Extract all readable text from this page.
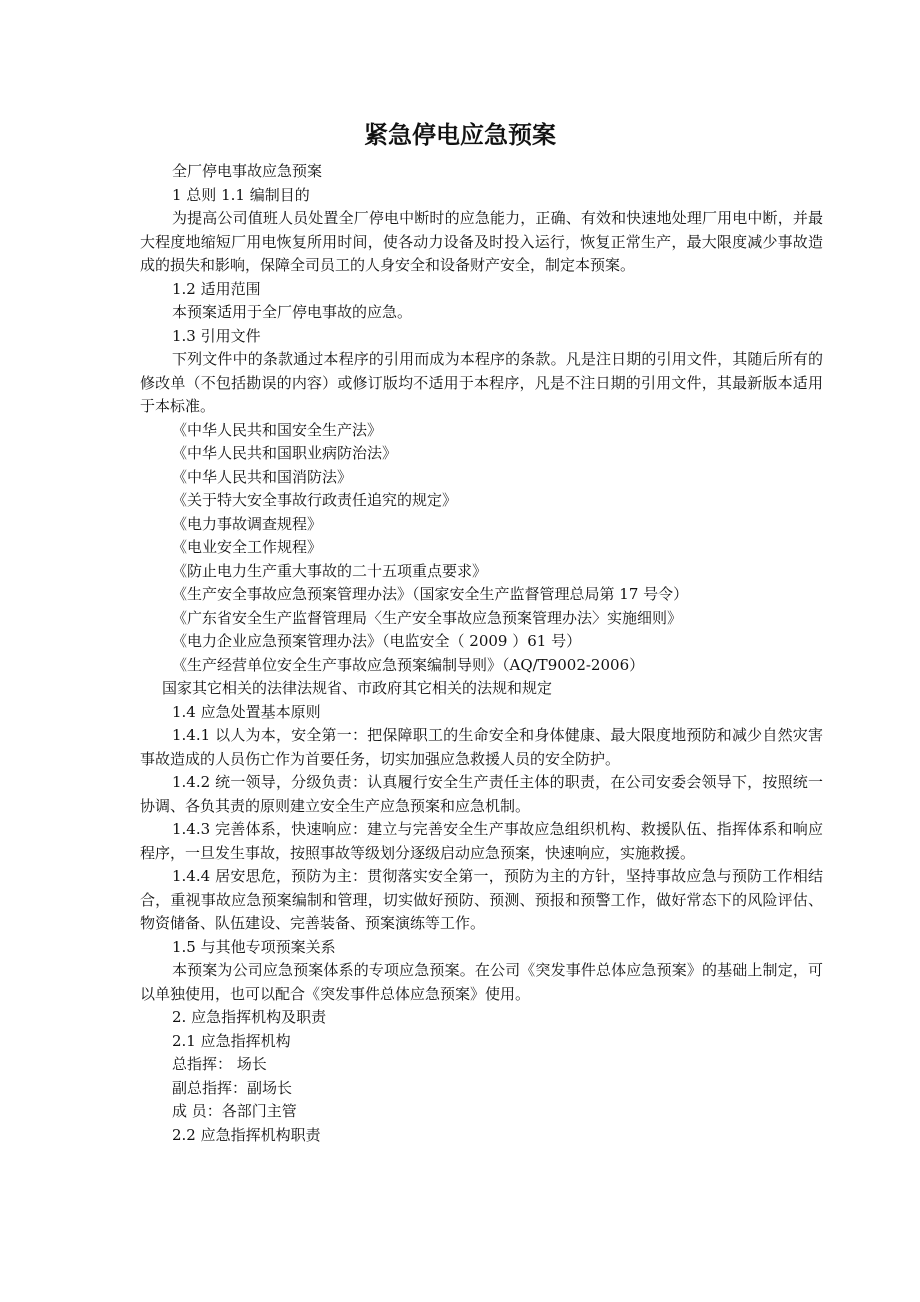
紧急停电应急预案

全厂停电事故应急预案

1 总则 1.1 编制目的

为提高公司值班人员处置全厂停电中断时的应急能力，正确、有效和快速地处理厂用电中断，并最大程度地缩短厂用电恢复所用时间，使各动力设备及时投入运行，恢复正常生产，最大限度减少事故造成的损失和影响，保障全司员工的人身安全和设备财产安全，制定本预案。

1.2 适用范围

本预案适用于全厂停电事故的应急。

1.3 引用文件

下列文件中的条款通过本程序的引用而成为本程序的条款。凡是注日期的引用文件，其随后所有的修改单（不包括勘误的内容）或修订版均不适用于本程序，凡是不注日期的引用文件，其最新版本适用于本标准。

《中华人民共和国安全生产法》

《中华人民共和国职业病防治法》

《中华人民共和国消防法》

《关于特大安全事故行政责任追究的规定》

《电力事故调查规程》

《电业安全工作规程》

《防止电力生产重大事故的二十五项重点要求》

《生产安全事故应急预案管理办法》（国家安全生产监督管理总局第 17 号令）

《广东省安全生产监督管理局〈生产安全事故应急预案管理办法〉实施细则》

《电力企业应急预案管理办法》（电监安全（ 2009 ）61 号）

《生产经营单位安全生产事故应急预案编制导则》（AQ/T9002-2006）

国家其它相关的法律法规省、市政府其它相关的法规和规定

1.4 应急处置基本原则

1.4.1 以人为本，安全第一：把保障职工的生命安全和身体健康、最大限度地预防和减少自然灾害事故造成的人员伤亡作为首要任务，切实加强应急救援人员的安全防护。

1.4.2 统一领导，分级负责：认真履行安全生产责任主体的职责，在公司安委会领导下，按照统一协调、各负其责的原则建立安全生产应急预案和应急机制。

1.4.3 完善体系，快速响应：建立与完善安全生产事故应急组织机构、救援队伍、指挥体系和响应程序，一旦发生事故，按照事故等级划分逐级启动应急预案，快速响应，实施救援。

1.4.4 居安思危，预防为主：贯彻落实安全第一，预防为主的方针，坚持事故应急与预防工作相结合，重视事故应急预案编制和管理，切实做好预防、预测、预报和预警工作，做好常态下的风险评估、物资储备、队伍建设、完善装备、预案演练等工作。

1.5 与其他专项预案关系

本预案为公司应急预案体系的专项应急预案。在公司《突发事件总体应急预案》的基础上制定，可以单独使用，也可以配合《突发事件总体应急预案》使用。

2. 应急指挥机构及职责

2.1 应急指挥机构

总指挥： 场长

副总指挥：副场长

成 员：各部门主管

2.2 应急指挥机构职责
